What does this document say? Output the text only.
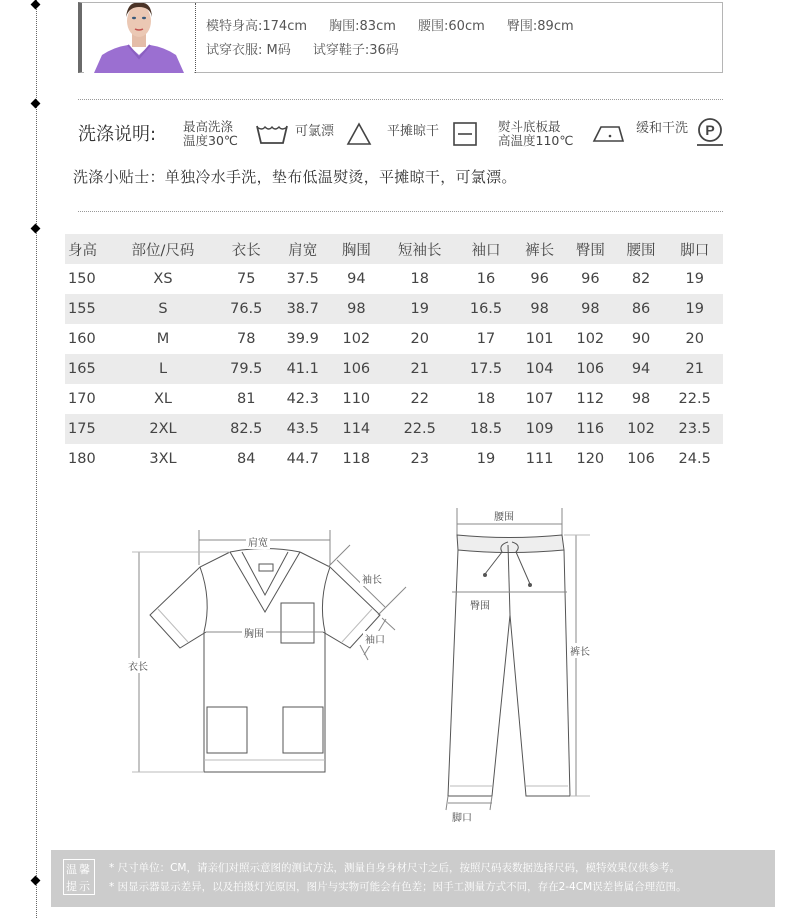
模特身高:174cm 胸围:83cm 腰围:60cm 臀围:89cm
试穿衣服: M码 试穿鞋子:36码
洗涤说明: 最高洗涤
温度30℃
可氯漂	平摊晾干	熨斗底板最
高温度110℃
缓和干洗 P
洗涤小贴士：单独冷水手洗，垫布低温熨烫，平摊晾干，可氯漂。
身高	部位/尺码	衣长	肩宽	胸围	短袖长	袖口	裤长	臀围	腰围	脚口
150	XS	75	37.5	94	18	16	96	96	82	19
155	S	76.5	38.7	98	19	16.5	98	98	86	19
160	M	78	39.9	102	20	17	101	102	90	20
165	L	79.5	41.1	106	21	17.5	104	106	94	21
170	XL	81	42.3	110	22	18	107	112	98	22.5
175	2XL	82.5	43.5	114	22.5	18.5	109	116	102	23.5
180	3XL	84	44.7	118	23	19	111	120	106	24.5
肩宽
袖长
胸围
袖口
衣长
腰围
臀围
裤长
脚口
温馨
提示
* 尺寸单位：CM，请亲们对照示意图的测试方法，测量自身身材尺寸之后，按照尺码表数据选择尺码，模特效果仅供参考。
* 因显示器显示差异，以及拍摄灯光原因，图片与实物可能会有色差；因手工测量方式不同，存在2-4CM误差皆属合理范围。
